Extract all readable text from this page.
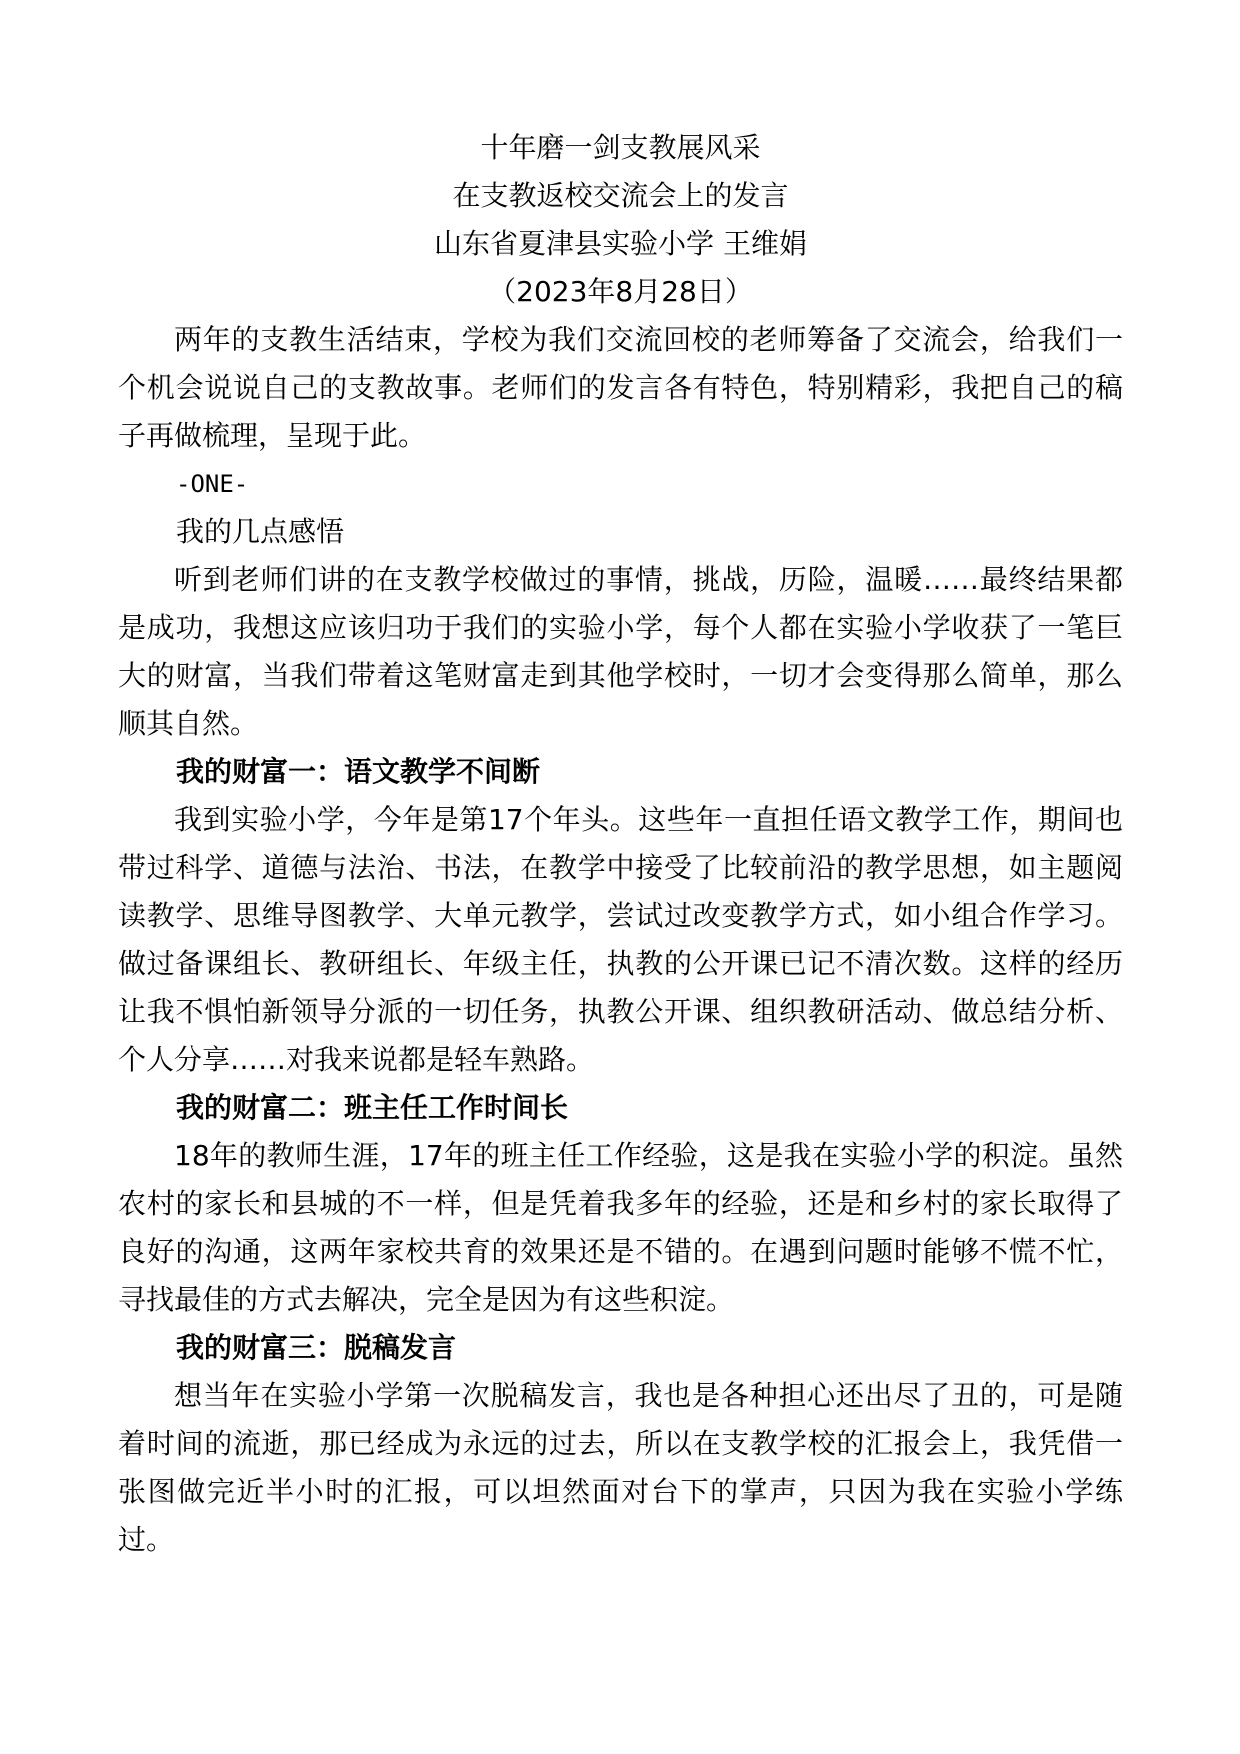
十年磨一剑支教展风采
在支教返校交流会上的发言
山东省夏津县实验小学 王维娟
（2023年8月28日）

两年的支教生活结束，学校为我们交流回校的老师筹备了交流会，给我们一个机会说说自己的支教故事。老师们的发言各有特色，特别精彩，我把自己的稿子再做梳理，呈现于此。

-ONE-

我的几点感悟

听到老师们讲的在支教学校做过的事情，挑战，历险，温暖……最终结果都是成功，我想这应该归功于我们的实验小学，每个人都在实验小学收获了一笔巨大的财富，当我们带着这笔财富走到其他学校时，一切才会变得那么简单，那么顺其自然。

我的财富一：语文教学不间断

我到实验小学，今年是第17个年头。这些年一直担任语文教学工作，期间也带过科学、道德与法治、书法，在教学中接受了比较前沿的教学思想，如主题阅读教学、思维导图教学、大单元教学，尝试过改变教学方式，如小组合作学习。做过备课组长、教研组长、年级主任，执教的公开课已记不清次数。这样的经历让我不惧怕新领导分派的一切任务，执教公开课、组织教研活动、做总结分析、个人分享……对我来说都是轻车熟路。

我的财富二：班主任工作时间长

18年的教师生涯，17年的班主任工作经验，这是我在实验小学的积淀。虽然农村的家长和县城的不一样，但是凭着我多年的经验，还是和乡村的家长取得了良好的沟通，这两年家校共育的效果还是不错的。在遇到问题时能够不慌不忙，寻找最佳的方式去解决，完全是因为有这些积淀。

我的财富三：脱稿发言

想当年在实验小学第一次脱稿发言，我也是各种担心还出尽了丑的，可是随着时间的流逝，那已经成为永远的过去，所以在支教学校的汇报会上，我凭借一张图做完近半小时的汇报，可以坦然面对台下的掌声，只因为我在实验小学练过。
